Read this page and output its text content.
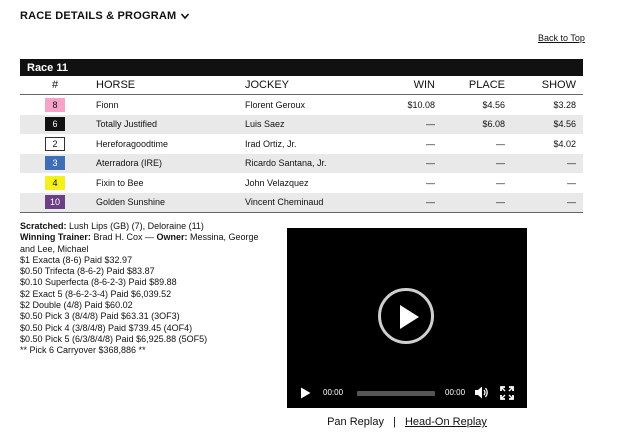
RACE DETAILS & PROGRAM
Back to Top
Race 11
#	HORSE	JOCKEY	WIN	PLACE	SHOW
8	Fionn	Florent Geroux	$10.08	$4.56	$3.28
6	Totally Justified	Luis Saez	—	$6.08	$4.56
2	Hereforagoodtime	Irad Ortiz, Jr.	—	—	$4.02
3	Aterradora (IRE)	Ricardo Santana, Jr.	—	—	—
4	Fixin to Bee	John Velazquez	—	—	—
10	Golden Sunshine	Vincent Cheminaud	—	—	—
Scratched: Lush Lips (GB) (7), Deloraine (11)
Winning Trainer: Brad H. Cox — Owner: Messina, George and Lee, Michael
$1 Exacta (8-6) Paid $32.97
$0.50 Trifecta (8-6-2) Paid $83.87
$0.10 Superfecta (8-6-2-3) Paid $89.88
$2 Exact 5 (8-6-2-3-4) Paid $6,039.52
$2 Double (4/8) Paid $60.02
$0.50 Pick 3 (8/4/8) Paid $63.31 (3OF3)
$0.50 Pick 4 (3/8/4/8) Paid $739.45 (4OF4)
$0.50 Pick 5 (6/3/8/4/8) Paid $6,925.88 (5OF5)
** Pick 6 Carryover $368,886 **
00:00	00:00
Pan Replay | Head-On Replay
